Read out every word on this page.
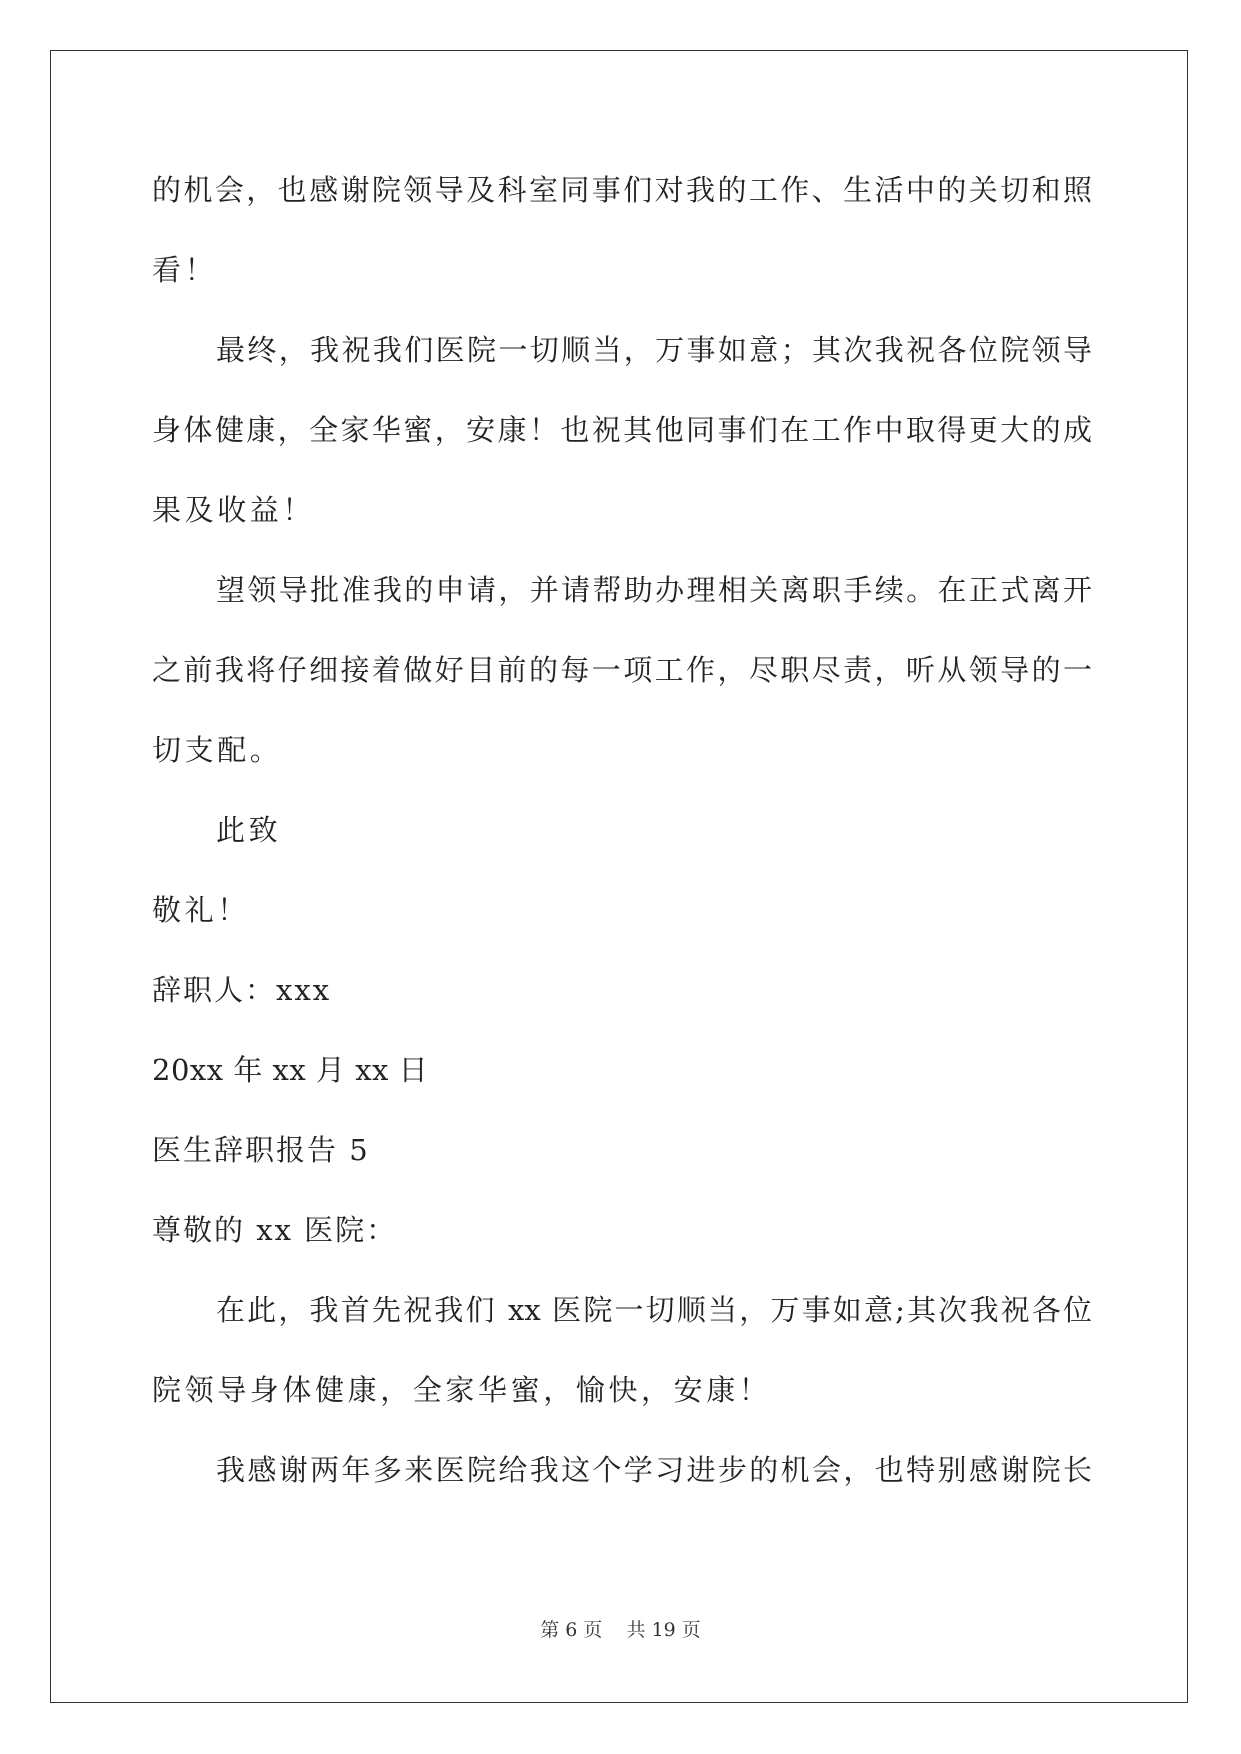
的机会，也感谢院领导及科室同事们对我的工作、生活中的关切和照
看！
最终，我祝我们医院一切顺当，万事如意；其次我祝各位院领导
身体健康，全家华蜜，安康！也祝其他同事们在工作中取得更大的成
果及收益！
望领导批准我的申请，并请帮助办理相关离职手续。在正式离开
之前我将仔细接着做好目前的每一项工作，尽职尽责，听从领导的一
切支配。
此致
敬礼！
辞职人：xxx
20xx 年 xx 月 xx 日
医生辞职报告 5
尊敬的 xx 医院：
在此，我首先祝我们 xx 医院一切顺当，万事如意;其次我祝各位
院领导身体健康，全家华蜜，愉快，安康！
我感谢两年多来医院给我这个学习进步的机会，也特别感谢院长
第 6 页    共 19 页
